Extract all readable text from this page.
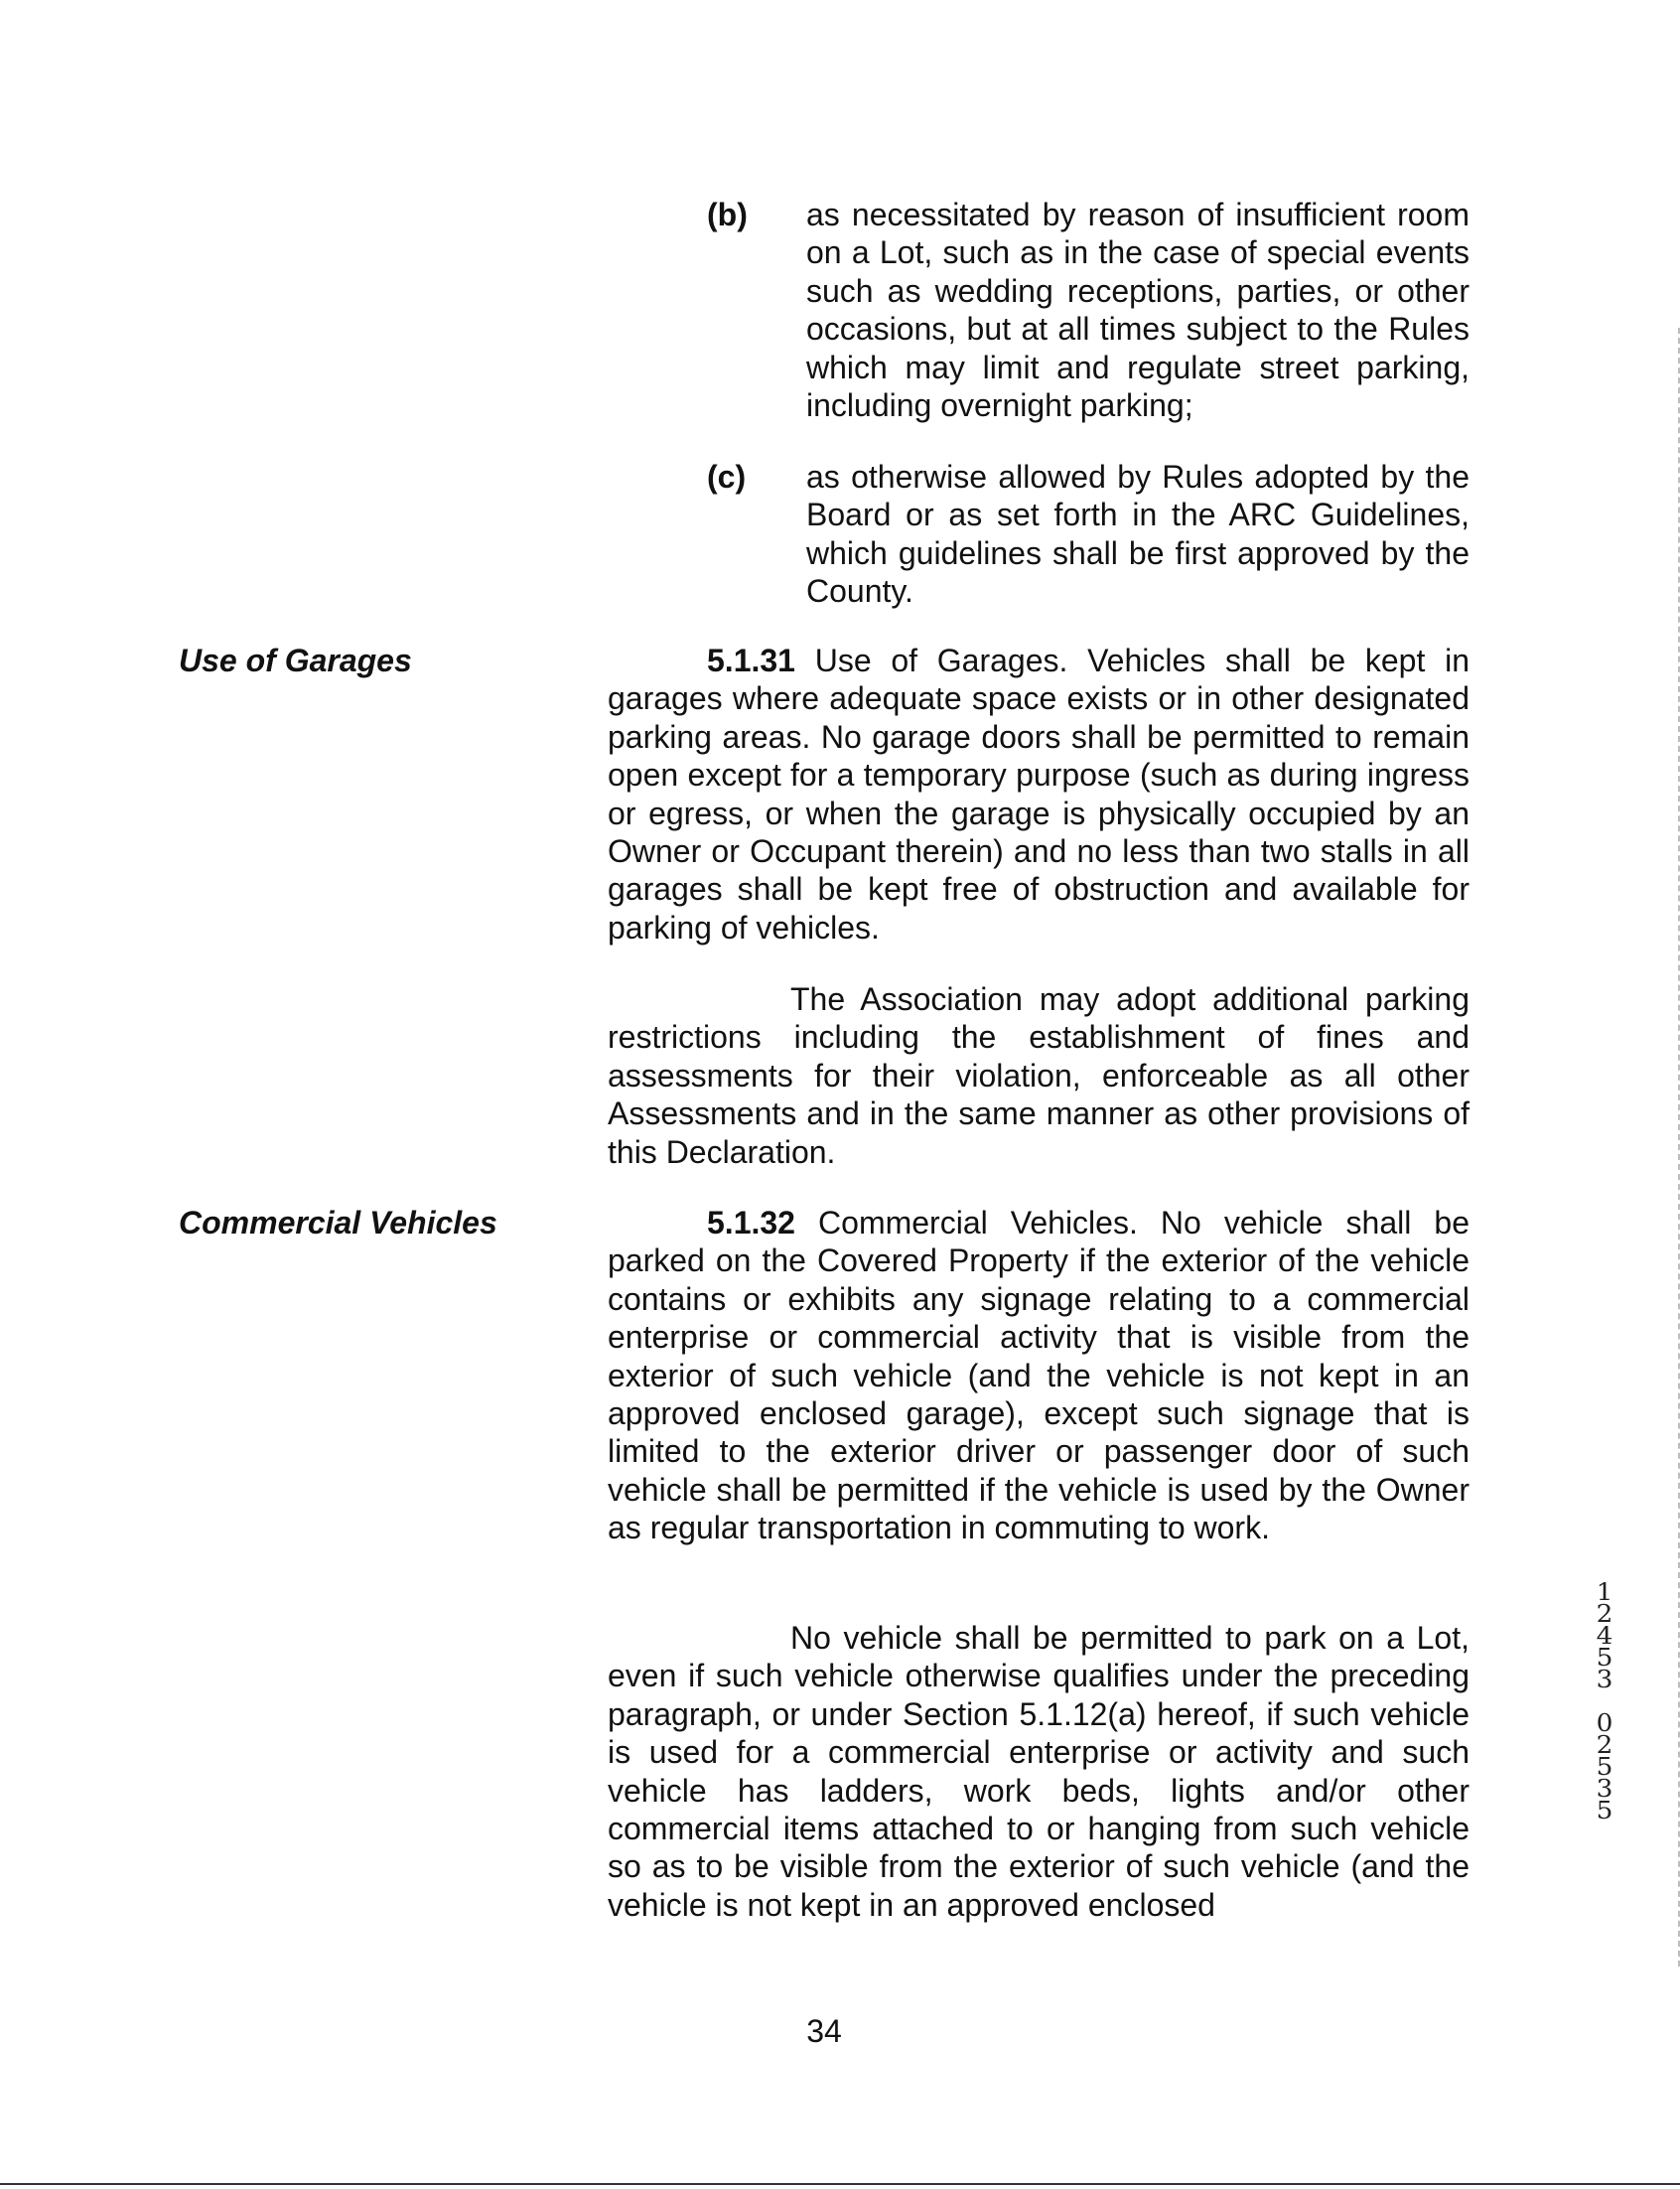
(b) as necessitated by reason of insufficient room on a Lot, such as in the case of special events such as wedding receptions, parties, or other occasions, but at all times subject to the Rules which may limit and regulate street parking, including overnight parking;

(c) as otherwise allowed by Rules adopted by the Board or as set forth in the ARC Guidelines, which guidelines shall be first approved by the County.

Use of Garages	5.1.31 Use of Garages. Vehicles shall be kept in garages where adequate space exists or in other designated parking areas. No garage doors shall be permitted to remain open except for a temporary purpose (such as during ingress or egress, or when the garage is physically occupied by an Owner or Occupant therein) and no less than two stalls in all garages shall be kept free of obstruction and available for parking of vehicles.

The Association may adopt additional parking restrictions including the establishment of fines and assessments for their violation, enforceable as all other Assessments and in the same manner as other provisions of this Declaration.

Commercial Vehicles	5.1.32 Commercial Vehicles. No vehicle shall be parked on the Covered Property if the exterior of the vehicle contains or exhibits any signage relating to a commercial enterprise or commercial activity that is visible from the exterior of such vehicle (and the vehicle is not kept in an approved enclosed garage), except such signage that is limited to the exterior driver or passenger door of such vehicle shall be permitted if the vehicle is used by the Owner as regular transportation in commuting to work.

No vehicle shall be permitted to park on a Lot, even if such vehicle otherwise qualifies under the preceding paragraph, or under Section 5.1.12(a) hereof, if such vehicle is used for a commercial enterprise or activity and such vehicle has ladders, work beds, lights and/or other commercial items attached to or hanging from such vehicle so as to be visible from the exterior of such vehicle (and the vehicle is not kept in an approved enclosed

34

1
2
4
5
3
0
2
5
3
5
